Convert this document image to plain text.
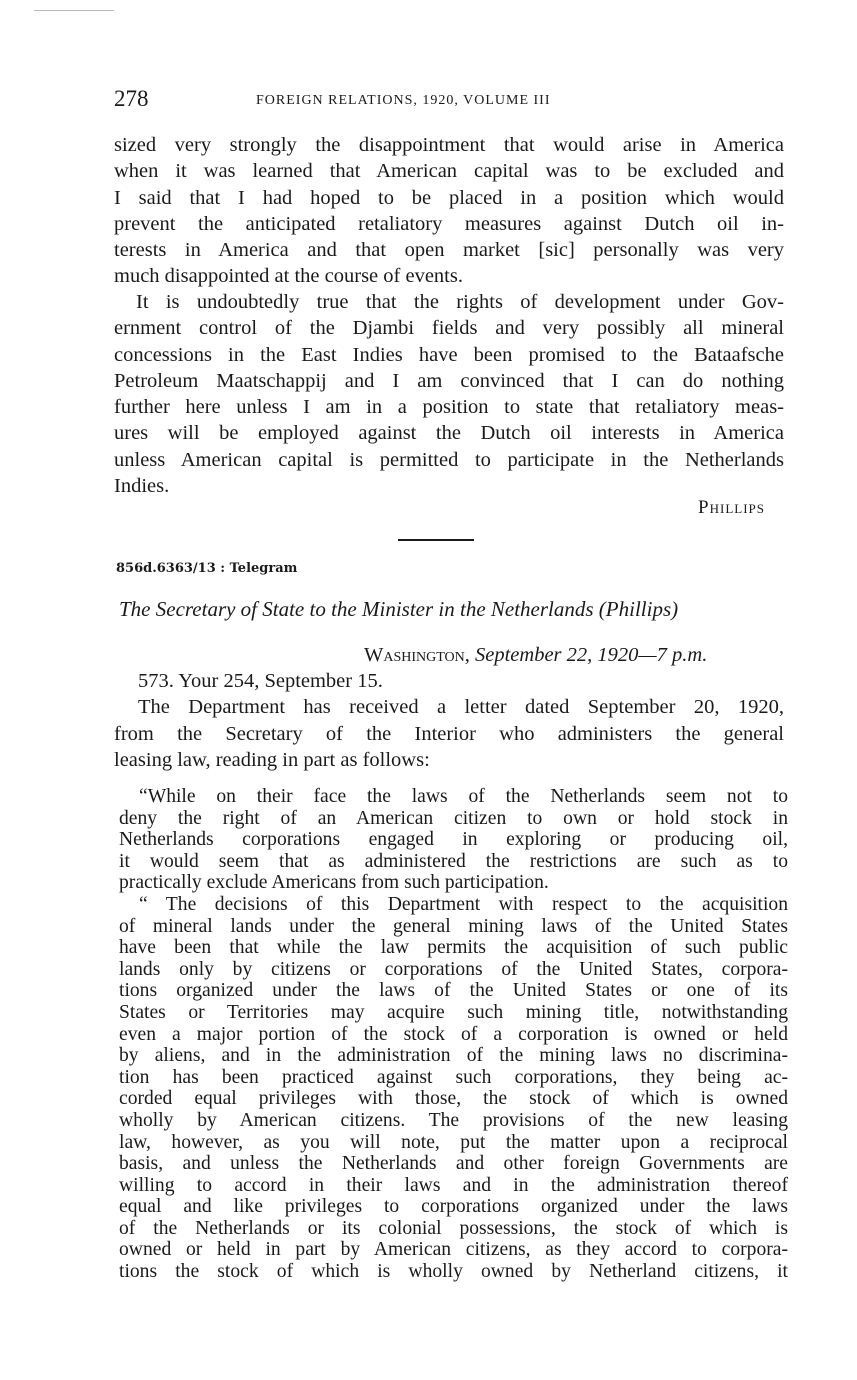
278	FOREIGN RELATIONS, 1920, VOLUME III

sized very strongly the disappointment that would arise in America
when it was learned that American capital was to be excluded and
I said that I had hoped to be placed in a position which would
prevent the anticipated retaliatory measures against Dutch oil in-
terests in America and that open market [sic] personally was very
much disappointed at the course of events.

It is undoubtedly true that the rights of development under Gov-
ernment control of the Djambi fields and very possibly all mineral
concessions in the East Indies have been promised to the Bataafsche
Petroleum Maatschappij and I am convinced that I can do nothing
further here unless I am in a position to state that retaliatory meas-
ures will be employed against the Dutch oil interests in America
unless American capital is permitted to participate in the Netherlands
Indies.

Phillips
856d.6363/13 : Telegram
The Secretary of State to the Minister in the Netherlands (Phillips)
Washington, September 22, 1920—7 p.m.

573. Your 254, September 15.
The Department has received a letter dated September 20, 1920,
from the Secretary of the Interior who administers the general
leasing law, reading in part as follows:

“While on their face the laws of the Netherlands seem not to
deny the right of an American citizen to own or hold stock in
Netherlands corporations engaged in exploring or producing oil,
it would seem that as administered the restrictions are such as to
practically exclude Americans from such participation.

“ The decisions of this Department with respect to the acquisition
of mineral lands under the general mining laws of the United States
have been that while the law permits the acquisition of such public
lands only by citizens or corporations of the United States, corpora-
tions organized under the laws of the United States or one of its
States or Territories may acquire such mining title, notwithstanding
even a major portion of the stock of a corporation is owned or held
by aliens, and in the administration of the mining laws no discrimina-
tion has been practiced against such corporations, they being ac-
corded equal privileges with those, the stock of which is owned
wholly by American citizens. The provisions of the new leasing
law, however, as you will note, put the matter upon a reciprocal
basis, and unless the Netherlands and other foreign Governments are
willing to accord in their laws and in the administration thereof
equal and like privileges to corporations organized under the laws
of the Netherlands or its colonial possessions, the stock of which is
owned or held in part by American citizens, as they accord to corpora-
tions the stock of which is wholly owned by Netherland citizens, it
